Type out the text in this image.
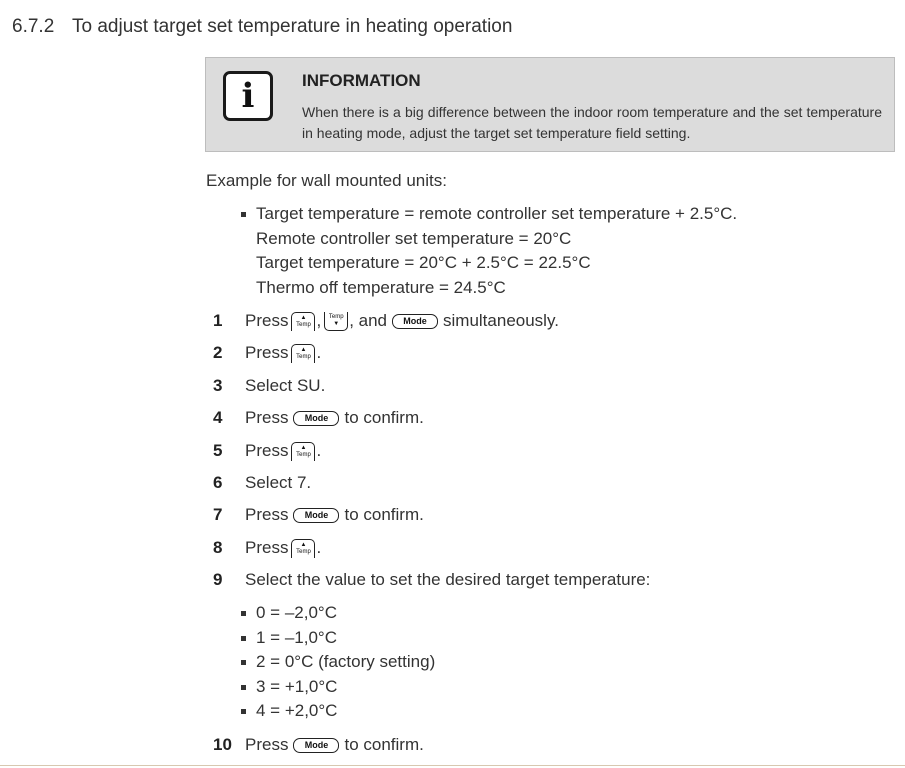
6.7.2 To adjust target set temperature in heating operation
i	INFORMATION
When there is a big difference between the indoor room temperature and the set temperature in heating mode, adjust the target set temperature field setting.
Example for wall mounted units:
Target temperature = remote controller set temperature + 2.5°C.
Remote controller set temperature = 20°C
Target temperature = 20°C + 2.5°C = 22.5°C
Thermo off temperature = 24.5°C
1 Press ▲
Temp , Temp
▼ , and	Mode simultaneously.
2 Press ▲
Temp .
3 Select SU.
4 Press	Mode to confirm.
5 Press ▲
Temp .
6 Select 7.
7 Press	Mode to confirm.
8 Press ▲
Temp .
9 Select the value to set the desired target temperature:
0 = –2,0°C
1 = –1,0°C
2 = 0°C (factory setting)
3 = +1,0°C
4 = +2,0°C
10 Press	Mode to confirm.
